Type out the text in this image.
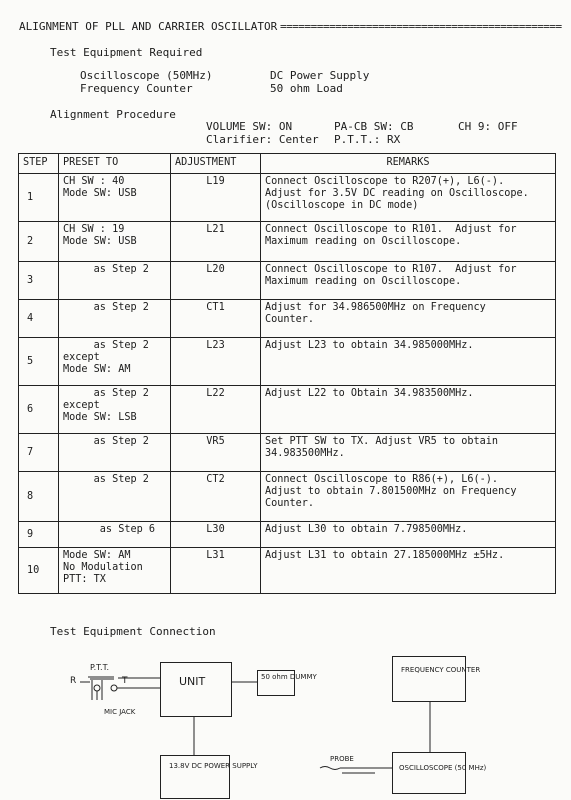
ALIGNMENT OF PLL AND CARRIER OSCILLATOR ==============================================
Test Equipment Required
Oscilloscope (50MHz)	DC Power Supply
Frequency Counter	50 ohm Load
Alignment Procedure
VOLUME SW: ON	PA-CB SW: CB	CH 9: OFF
Clarifier: Center P.T.T.: RX
STEP	PRESET TO	ADJUSTMENT	REMARKS
1	CH SW : 40
Mode SW: USB	L19	Connect Oscilloscope to R207(+), L6(-).
Adjust for 3.5V DC reading on Oscilloscope.
(Oscilloscope in DC mode)
2	CH SW : 19
Mode SW: USB	L21	Connect Oscilloscope to R101.  Adjust for
Maximum reading on Oscilloscope.
3	as Step 2	L20	Connect Oscilloscope to R107.  Adjust for
Maximum reading on Oscilloscope.
4	as Step 2	CT1	Adjust for 34.986500MHz on Frequency
Counter.
5	as Step 2
except
Mode SW: AM	L23	Adjust L23 to obtain 34.985000MHz.
6	as Step 2
except
Mode SW: LSB	L22	Adjust L22 to Obtain 34.983500MHz.
7	as Step 2	VR5	Set PTT SW to TX. Adjust VR5 to obtain
34.983500MHz.
8	as Step 2	CT2	Connect Oscilloscope to R86(+), L6(-).
Adjust to obtain 7.801500MHz on Frequency
Counter.
9	as Step 6	L30	Adjust L30 to obtain 7.798500MHz.
10	Mode SW: AM
No Modulation
PTT: TX	L31	Adjust L31 to obtain 27.185000MHz ±5Hz.
Test Equipment Connection
P.T.T.
R	T
MIC JACK
UNIT	50 ohm DUMMY
13.8V DC POWER SUPPLY
PROBE
FREQUENCY COUNTER
OSCILLOSCOPE (50 MHz)
